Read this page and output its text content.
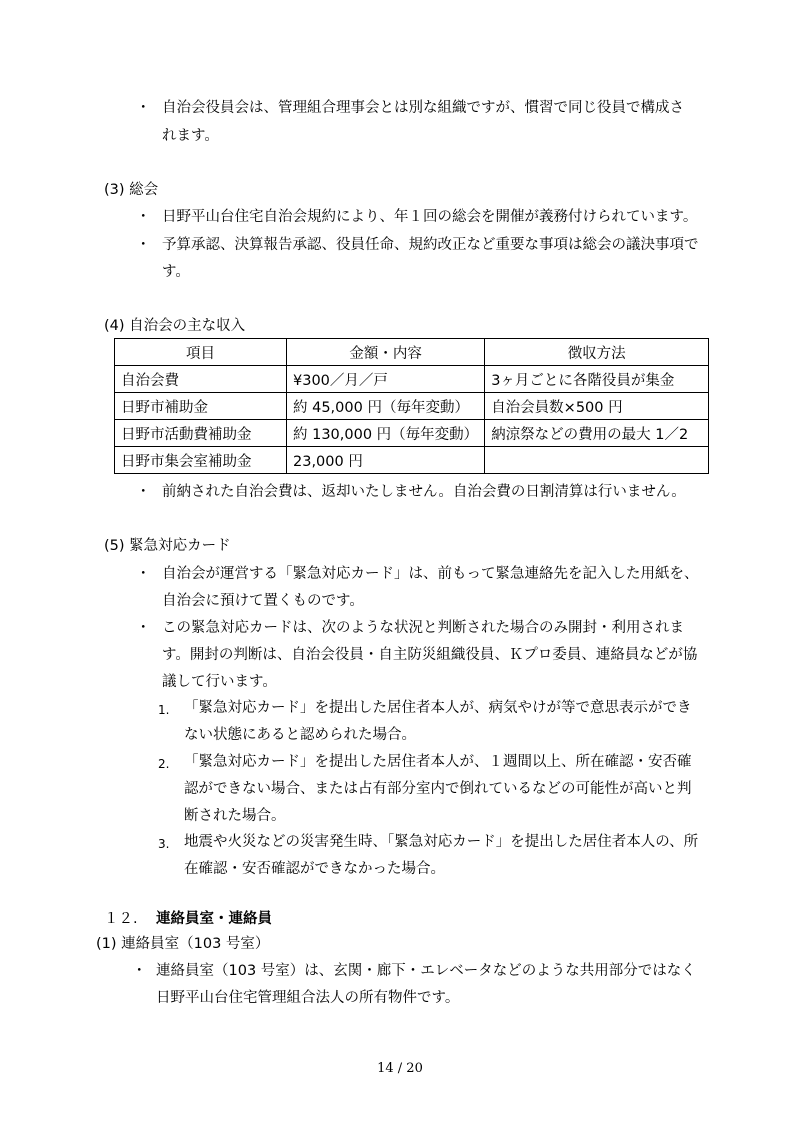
・ 自治会役員会は、管理組合理事会とは別な組織ですが、慣習で同じ役員で構成さ
れます。
(3) 総会
・ 日野平山台住宅自治会規約により、年１回の総会を開催が義務付けられています。
・ 予算承認、決算報告承認、役員任命、規約改正など重要な事項は総会の議決事項で
す。
(4) 自治会の主な収入
項目	金額・内容	徴収方法
自治会費	¥300／月／戸	3ヶ月ごとに各階役員が集金
日野市補助金	約 45,000 円（毎年変動）	自治会員数×500 円
日野市活動費補助金	約 130,000 円（毎年変動）	納涼祭などの費用の最大 1／2
日野市集会室補助金	23,000 円	
・ 前納された自治会費は、返却いたしません。自治会費の日割清算は行いません。
(5) 緊急対応カード
・ 自治会が運営する「緊急対応カード」は、前もって緊急連絡先を記入した用紙を、
自治会に預けて置くものです。
・ この緊急対応カードは、次のような状況と判断された場合のみ開封・利用されま
す。開封の判断は、自治会役員・自主防災組織役員、Ｋプロ委員、連絡員などが協
議して行います。
1. 「緊急対応カード」を提出した居住者本人が、病気やけが等で意思表示ができ
ない状態にあると認められた場合。
2. 「緊急対応カード」を提出した居住者本人が、１週間以上、所在確認・安否確
認ができない場合、または占有部分室内で倒れているなどの可能性が高いと判
断された場合。
3. 地震や火災などの災害発生時、「緊急対応カード」を提出した居住者本人の、所
在確認・安否確認ができなかった場合。
１２. 連絡員室・連絡員
(1) 連絡員室（103 号室）
・ 連絡員室（103 号室）は、玄関・廊下・エレベータなどのような共用部分ではなく
日野平山台住宅管理組合法人の所有物件です。
14 / 20
